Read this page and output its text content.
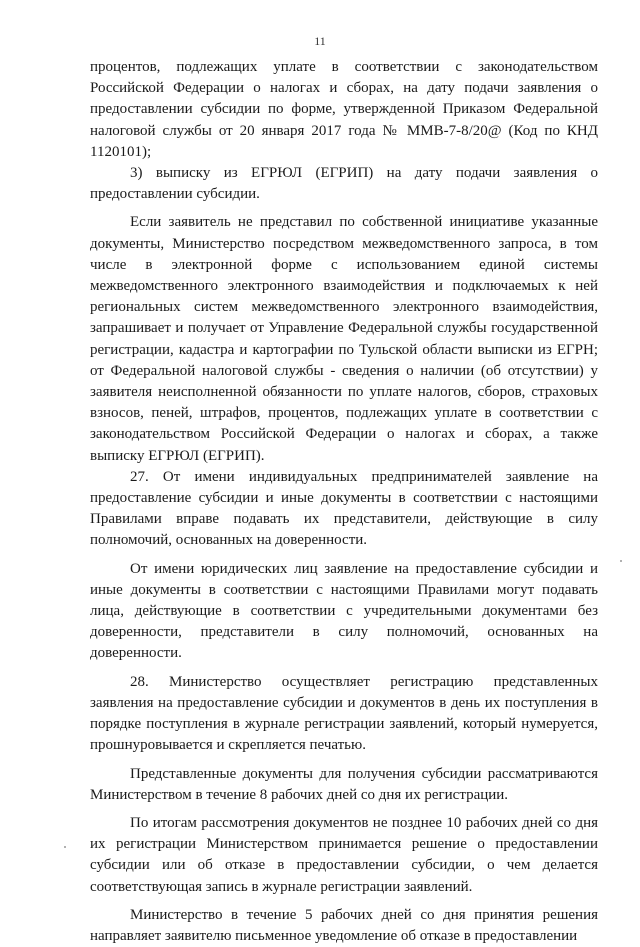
11

процентов, подлежащих уплате в соответствии с законодательством Российской Федерации о налогах и сборах, на дату подачи заявления о предоставлении субсидии по форме, утвержденной Приказом Федеральной налоговой службы от 20 января 2017 года № ММВ-7-8/20@ (Код по КНД 1120101);

3) выписку из ЕГРЮЛ (ЕГРИП) на дату подачи заявления о предоставлении субсидии.

Если заявитель не представил по собственной инициативе указанные документы, Министерство посредством межведомственного запроса, в том числе в электронной форме с использованием единой системы межведомственного электронного взаимодействия и подключаемых к ней региональных систем межведомственного электронного взаимодействия, запрашивает и получает от Управление Федеральной службы государственной регистрации, кадастра и картографии по Тульской области выписки из ЕГРН; от Федеральной налоговой службы - сведения о наличии (об отсутствии) у заявителя неисполненной обязанности по уплате налогов, сборов, страховых взносов, пеней, штрафов, процентов, подлежащих уплате в соответствии с законодательством Российской Федерации о налогах и сборах, а также выписку ЕГРЮЛ (ЕГРИП).

27. От имени индивидуальных предпринимателей заявление на предоставление субсидии и иные документы в соответствии с настоящими Правилами вправе подавать их представители, действующие в силу полномочий, основанных на доверенности.

От имени юридических лиц заявление на предоставление субсидии и иные документы в соответствии с настоящими Правилами могут подавать лица, действующие в соответствии с учредительными документами без доверенности, представители в силу полномочий, основанных на доверенности.

28. Министерство осуществляет регистрацию представленных заявления на предоставление субсидии и документов в день их поступления в порядке поступления в журнале регистрации заявлений, который нумеруется, прошнуровывается и скрепляется печатью.

Представленные документы для получения субсидии рассматриваются Министерством в течение 8 рабочих дней со дня их регистрации.

По итогам рассмотрения документов не позднее 10 рабочих дней со дня их регистрации Министерством принимается решение о предоставлении субсидии или об отказе в предоставлении субсидии, о чем делается соответствующая запись в журнале регистрации заявлений.

Министерство в течение 5 рабочих дней со дня принятия решения направляет заявителю письменное уведомление об отказе в предоставлении
